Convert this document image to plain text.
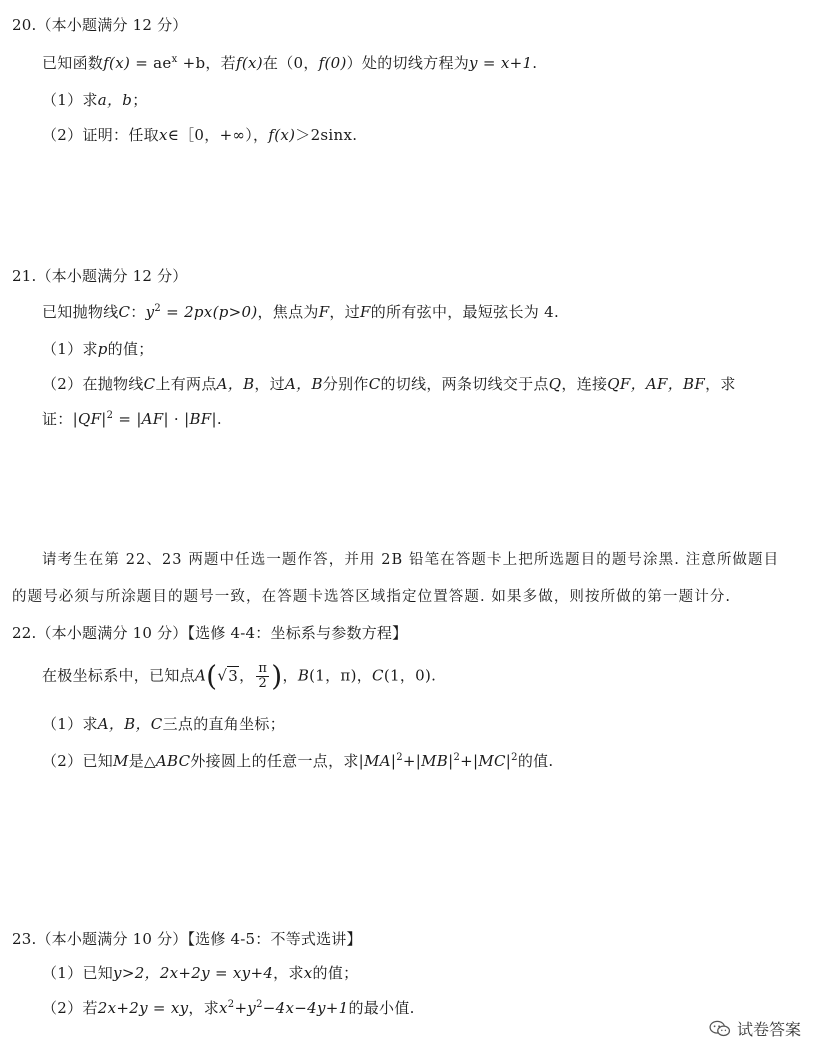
20.（本小题满分 12 分）
已知函数$f(x) = ae^x +b$，若f(x)在（0，f(0)）处的切线方程为y = x+1.
（1）求a，b；
（2）证明：任取x∈［0，+∞），f(x)＞2sinx.
21.（本小题满分 12 分）
已知抛物线C：$y^2 = 2px(p>0)$，焦点为F，过F的所有弦中，最短弦长为 4.
（1）求p的值；
（2）在抛物线C上有两点A，B，过A，B分别作C的切线，两条切线交于点Q，连接QF，AF，BF，求
证：$|QF|^2 = |AF| \cdot |BF|$.
请考生在第 22、23 两题中任选一题作答，并用 2B 铅笔在答题卡上把所选题目的题号涂黑. 注意所做题目
的题号必须与所涂题目的题号一致，在答题卡选答区域指定位置答题. 如果多做，则按所做的第一题计分.
22.（本小题满分 10 分）【选修 4-4：坐标系与参数方程】
在极坐标系中，已知点A(√3， $\frac{\pi}{2}$ )，B(1，π)，C(1，0).
（1）求A，B，C三点的直角坐标；
（2）已知M是△ABC外接圆上的任意一点，求$|MA|^2+|MB|^2+|MC|^2$的值.
23.（本小题满分 10 分）【选修 4-5：不等式选讲】
（1）已知y>2，2x+2y = xy+4，求x的值；
（2）若2x+2y = xy，求$x^2+y^2-4x-4y+1$的最小值.
试卷答案
